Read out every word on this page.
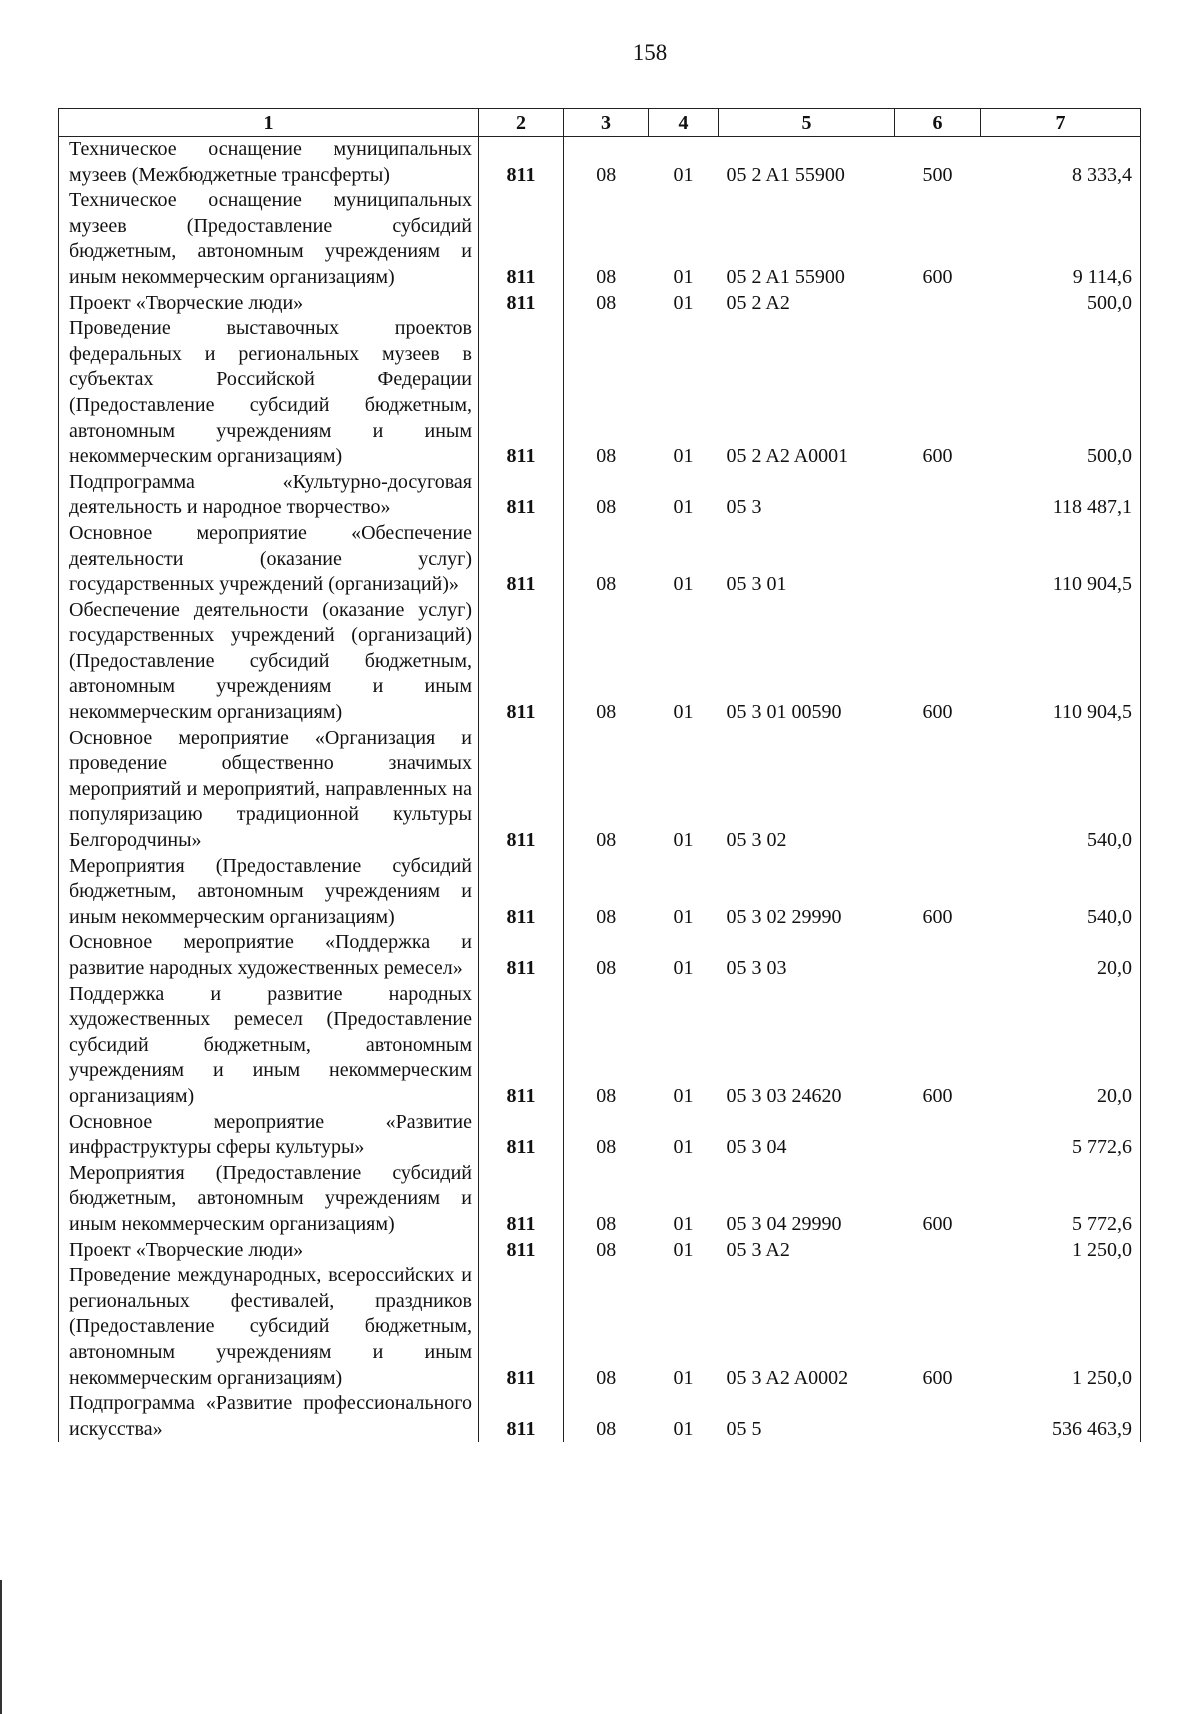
158
1	2	3	4	5	6	7
Техническое оснащение муниципальных музеев (Межбюджетные трансферты)	811	08	01	05 2 A1 55900	500	8 333,4
Техническое оснащение муниципальных музеев (Предоставление субсидий бюджетным, автономным учреждениям и иным некоммерческим организациям)	811	08	01	05 2 A1 55900	600	9 114,6
Проект «Творческие люди»	811	08	01	05 2 A2		500,0
Проведение выставочных проектов федеральных и региональных музеев в субъектах Российской Федерации (Предоставление субсидий бюджетным, автономным учреждениям и иным некоммерческим организациям)	811	08	01	05 2 A2 A0001	600	500,0
Подпрограмма «Культурно-досуговая деятельность и народное творчество»	811	08	01	05 3		118 487,1
Основное мероприятие «Обеспечение деятельности (оказание услуг) государственных учреждений (организаций)»	811	08	01	05 3 01		110 904,5
Обеспечение деятельности (оказание услуг) государственных учреждений (организаций) (Предоставление субсидий бюджетным, автономным учреждениям и иным некоммерческим организациям)	811	08	01	05 3 01 00590	600	110 904,5
Основное мероприятие «Организация и проведение общественно значимых мероприятий и мероприятий, направленных на популяризацию традиционной культуры Белгородчины»	811	08	01	05 3 02		540,0
Мероприятия (Предоставление субсидий бюджетным, автономным учреждениям и иным некоммерческим организациям)	811	08	01	05 3 02 29990	600	540,0
Основное мероприятие «Поддержка и развитие народных художественных ремесел»	811	08	01	05 3 03		20,0
Поддержка и развитие народных художественных ремесел (Предоставление субсидий бюджетным, автономным учреждениям и иным некоммерческим организациям)	811	08	01	05 3 03 24620	600	20,0
Основное мероприятие «Развитие инфраструктуры сферы культуры»	811	08	01	05 3 04		5 772,6
Мероприятия (Предоставление субсидий бюджетным, автономным учреждениям и иным некоммерческим организациям)	811	08	01	05 3 04 29990	600	5 772,6
Проект «Творческие люди»	811	08	01	05 3 A2		1 250,0
Проведение международных, всероссийских и региональных фестивалей, праздников (Предоставление субсидий бюджетным, автономным учреждениям и иным некоммерческим организациям)	811	08	01	05 3 A2 A0002	600	1 250,0
Подпрограмма «Развитие профессионального искусства»	811	08	01	05 5		536 463,9
